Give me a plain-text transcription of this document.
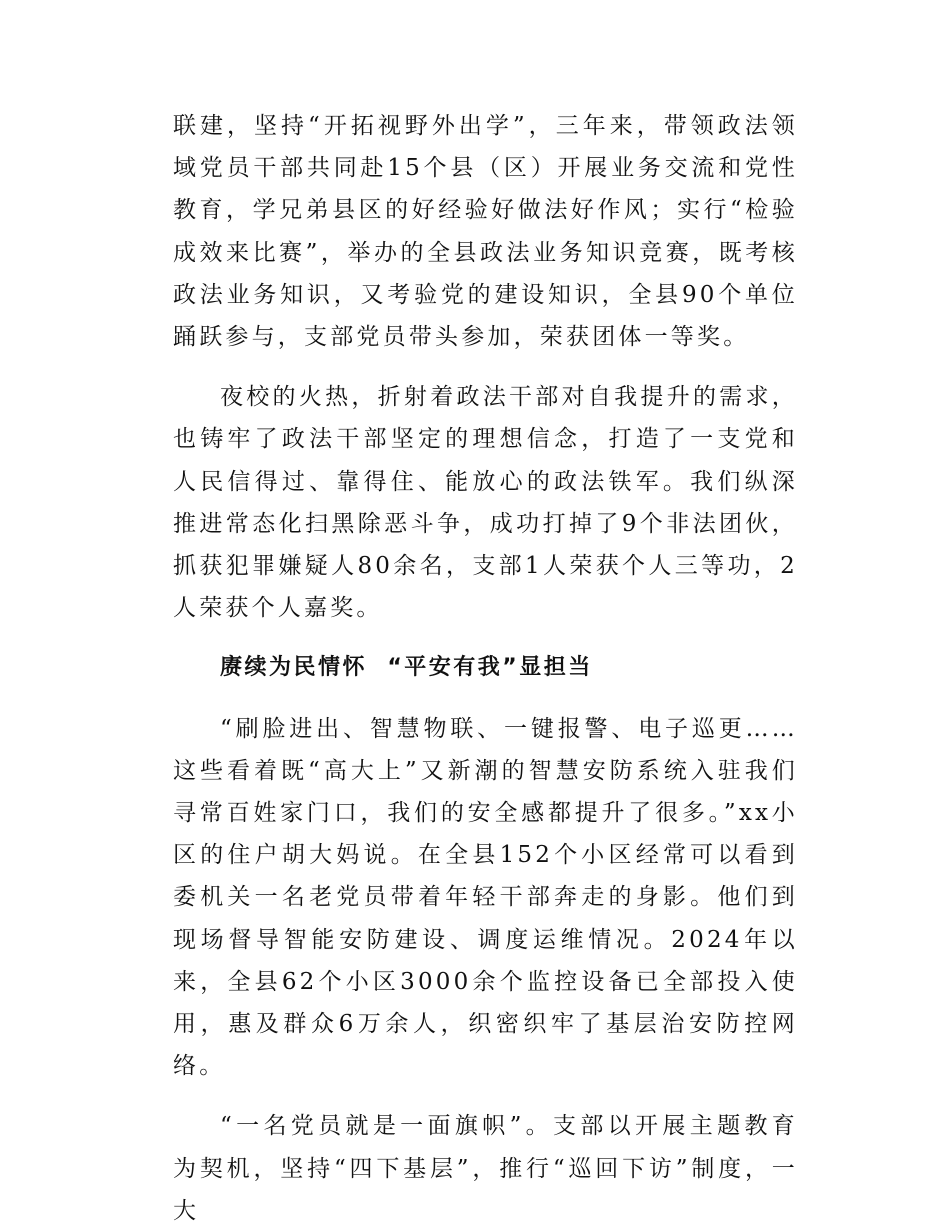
联建，坚持“开拓视野外出学”，三年来，带领政法领域党员干部共同赴15个县（区）开展业务交流和党性教育，学兄弟县区的好经验好做法好作风；实行“检验成效来比赛”，举办的全县政法业务知识竞赛，既考核政法业务知识，又考验党的建设知识，全县90个单位踊跃参与，支部党员带头参加，荣获团体一等奖。

夜校的火热，折射着政法干部对自我提升的需求，也铸牢了政法干部坚定的理想信念，打造了一支党和人民信得过、靠得住、能放心的政法铁军。我们纵深推进常态化扫黑除恶斗争，成功打掉了9个非法团伙，抓获犯罪嫌疑人80余名，支部1人荣获个人三等功，2人荣获个人嘉奖。

赓续为民情怀  “平安有我”显担当

“刷脸进出、智慧物联、一键报警、电子巡更……这些看着既“高大上”又新潮的智慧安防系统入驻我们寻常百姓家门口，我们的安全感都提升了很多。”xx小区的住户胡大妈说。在全县152个小区经常可以看到委机关一名老党员带着年轻干部奔走的身影。他们到现场督导智能安防建设、调度运维情况。2024年以来，全县62个小区3000余个监控设备已全部投入使用，惠及群众6万余人，织密织牢了基层治安防控网络。

“一名党员就是一面旗帜”。支部以开展主题教育为契机，坚持“四下基层”，推行“巡回下访”制度，一大
